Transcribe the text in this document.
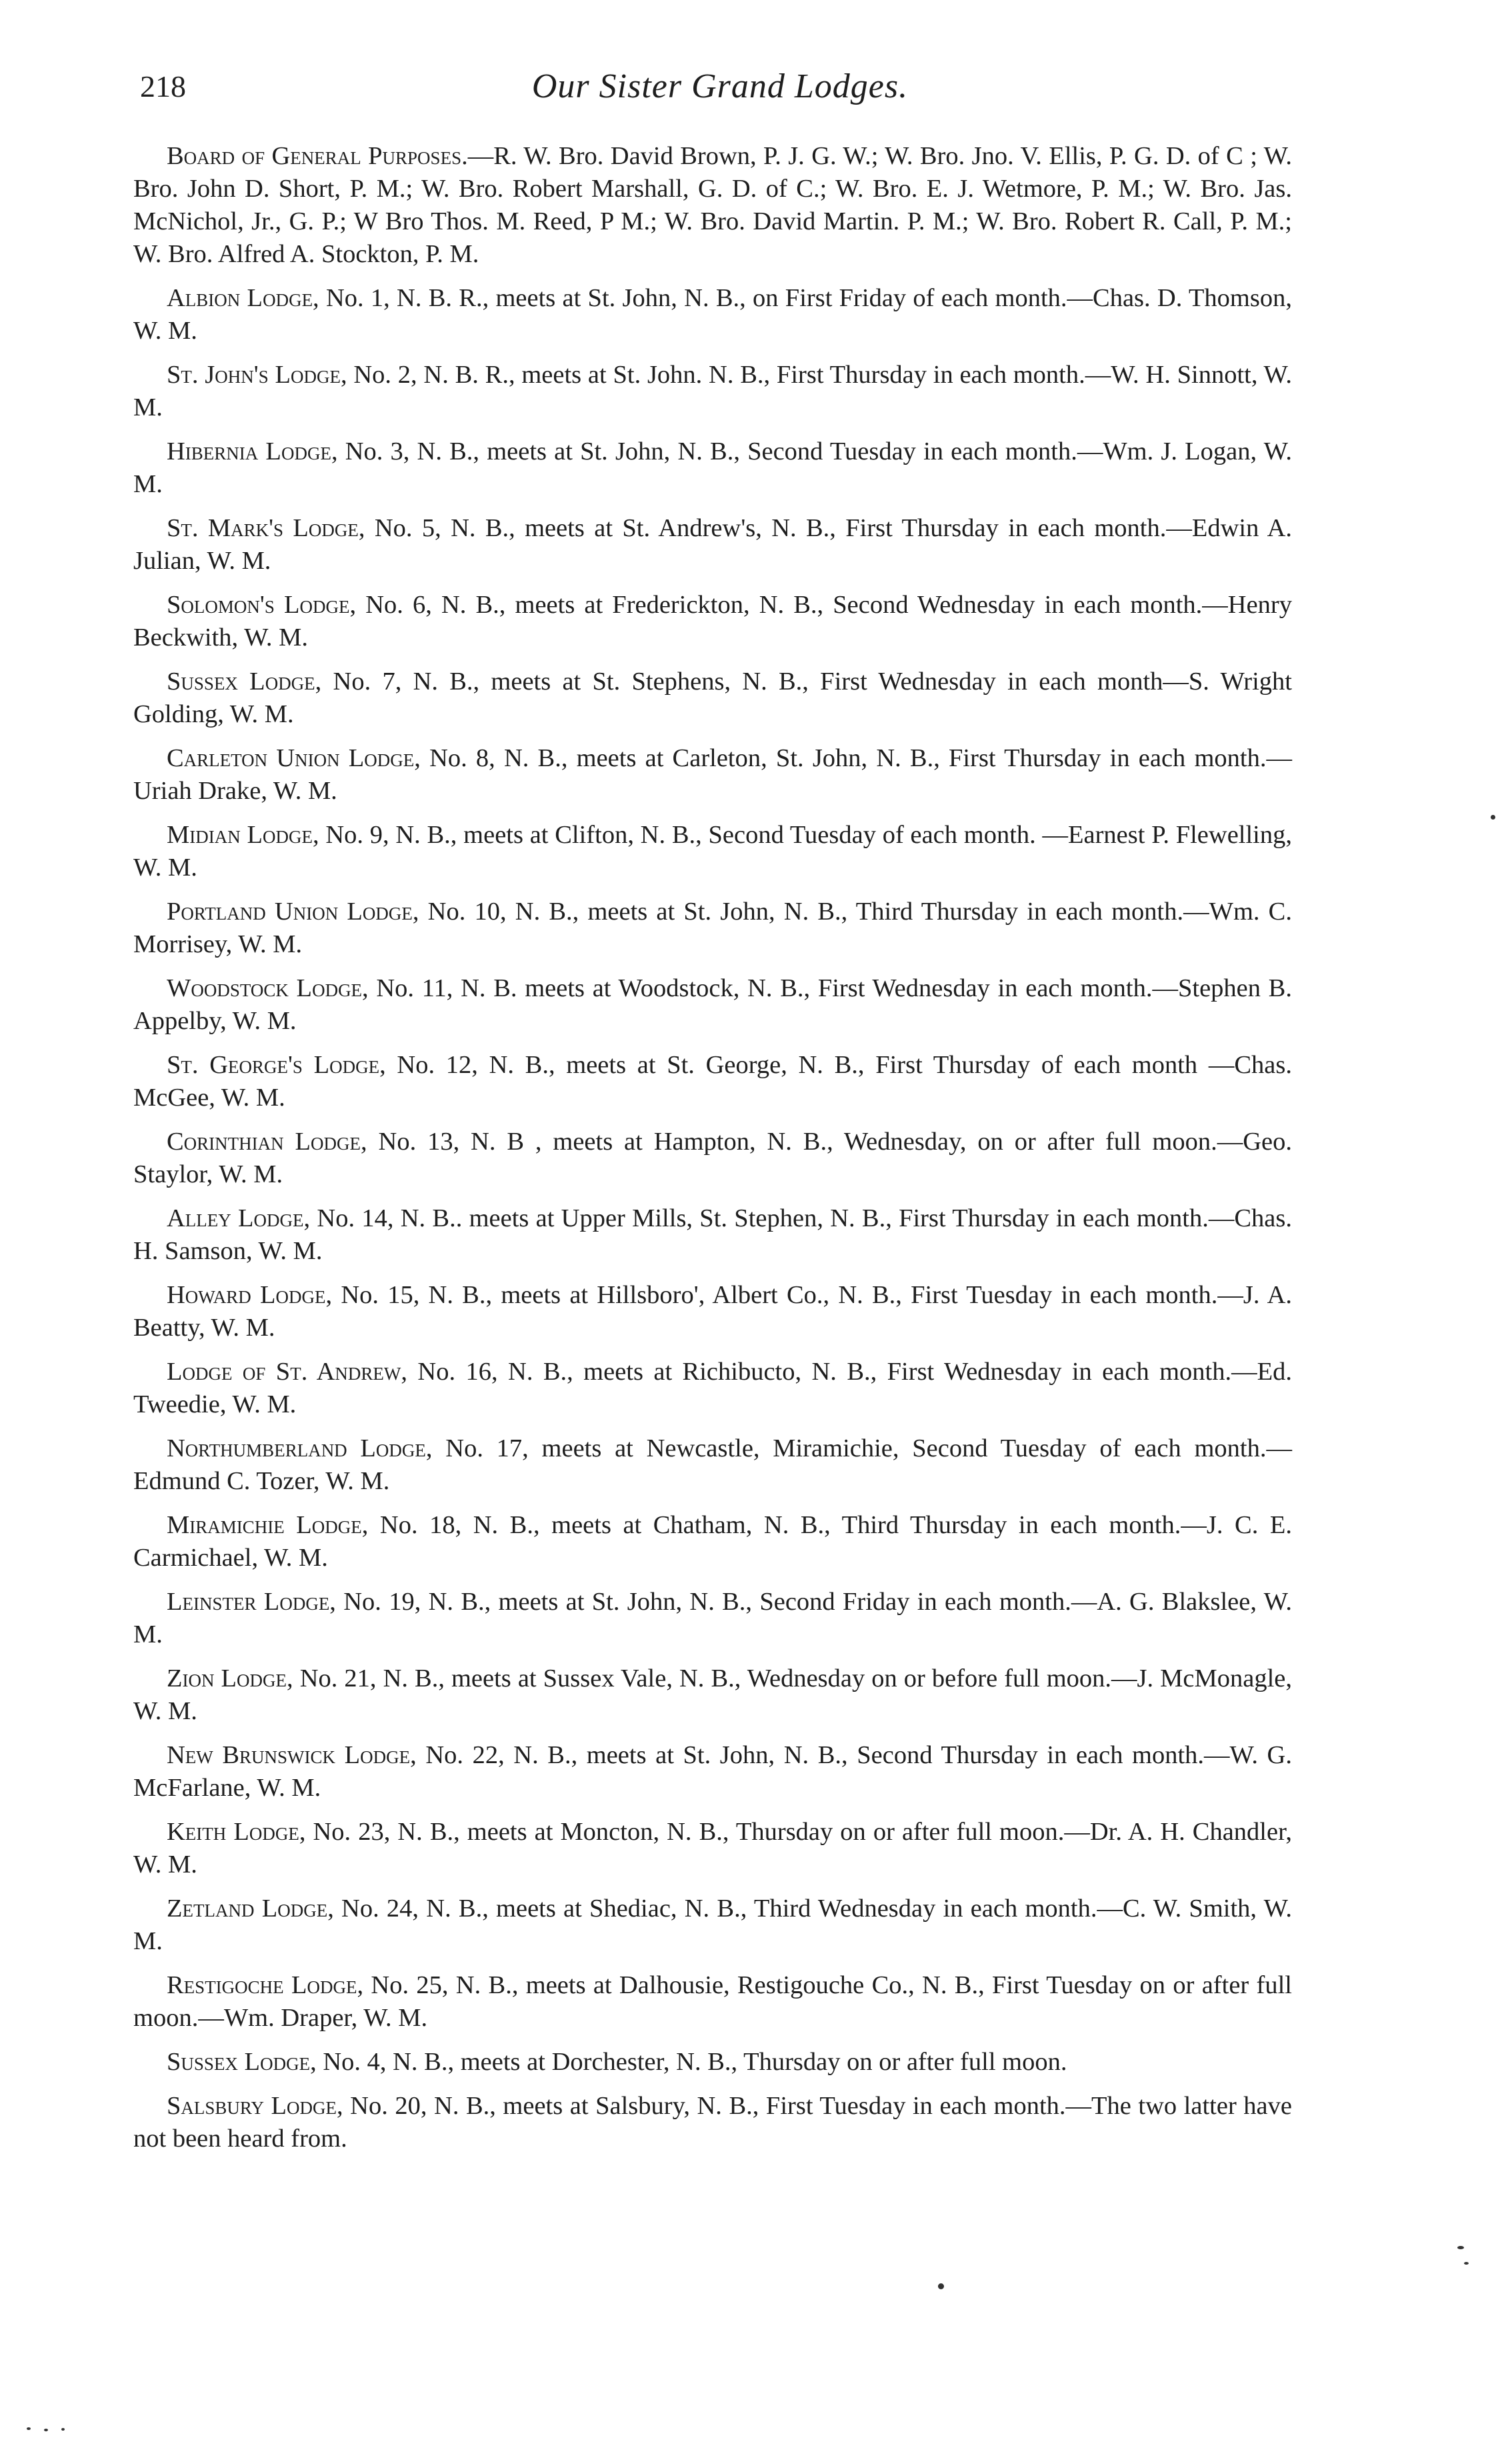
218	Our Sister Grand Lodges.

Board of General Purposes.—R. W. Bro. David Brown, P. J. G. W.; W. Bro. Jno. V. Ellis, P. G. D. of C ; W. Bro. John D. Short, P. M.; W. Bro. Robert Marshall, G. D. of C.; W. Bro. E. J. Wetmore, P. M.; W. Bro. Jas. McNichol, Jr., G. P.; W Bro Thos. M. Reed, P M.; W. Bro. David Martin. P. M.; W. Bro. Robert R. Call, P. M.; W. Bro. Alfred A. Stockton, P. M.

Albion Lodge, No. 1, N. B. R., meets at St. John, N. B., on First Friday of each month.—Chas. D. Thomson, W. M.

St. John's Lodge, No. 2, N. B. R., meets at St. John. N. B., First Thursday in each month.—W. H. Sinnott, W. M.

Hibernia Lodge, No. 3, N. B., meets at St. John, N. B., Second Tuesday in each month.—Wm. J. Logan, W. M.

St. Mark's Lodge, No. 5, N. B., meets at St. Andrew's, N. B., First Thursday in each month.—Edwin A. Julian, W. M.

Solomon's Lodge, No. 6, N. B., meets at Frederickton, N. B., Second Wednesday in each month.—Henry Beckwith, W. M.

Sussex Lodge, No. 7, N. B., meets at St. Stephens, N. B., First Wednesday in each month—S. Wright Golding, W. M.

Carleton Union Lodge, No. 8, N. B., meets at Carleton, St. John, N. B., First Thursday in each month.—Uriah Drake, W. M.

Midian Lodge, No. 9, N. B., meets at Clifton, N. B., Second Tuesday of each month. —Earnest P. Flewelling, W. M.

Portland Union Lodge, No. 10, N. B., meets at St. John, N. B., Third Thursday in each month.—Wm. C. Morrisey, W. M.

Woodstock Lodge, No. 11, N. B. meets at Woodstock, N. B., First Wednesday in each month.—Stephen B. Appelby, W. M.

St. George's Lodge, No. 12, N. B., meets at St. George, N. B., First Thursday of each month —Chas. McGee, W. M.

Corinthian Lodge, No. 13, N. B , meets at Hampton, N. B., Wednesday, on or after full moon.—Geo. Staylor, W. M.

Alley Lodge, No. 14, N. B.. meets at Upper Mills, St. Stephen, N. B., First Thursday in each month.—Chas. H. Samson, W. M.

Howard Lodge, No. 15, N. B., meets at Hillsboro', Albert Co., N. B., First Tuesday in each month.—J. A. Beatty, W. M.

Lodge of St. Andrew, No. 16, N. B., meets at Richibucto, N. B., First Wednesday in each month.—Ed. Tweedie, W. M.

Northumberland Lodge, No. 17, meets at Newcastle, Miramichie, Second Tuesday of each month.—Edmund C. Tozer, W. M.

Miramichie Lodge, No. 18, N. B., meets at Chatham, N. B., Third Thursday in each month.—J. C. E. Carmichael, W. M.

Leinster Lodge, No. 19, N. B., meets at St. John, N. B., Second Friday in each month.—A. G. Blakslee, W. M.

Zion Lodge, No. 21, N. B., meets at Sussex Vale, N. B., Wednesday on or before full moon.—J. McMonagle, W. M.

New Brunswick Lodge, No. 22, N. B., meets at St. John, N. B., Second Thursday in each month.—W. G. McFarlane, W. M.

Keith Lodge, No. 23, N. B., meets at Moncton, N. B., Thursday on or after full moon.—Dr. A. H. Chandler, W. M.

Zetland Lodge, No. 24, N. B., meets at Shediac, N. B., Third Wednesday in each month.—C. W. Smith, W. M.

Restigoche Lodge, No. 25, N. B., meets at Dalhousie, Restigouche Co., N. B., First Tuesday on or after full moon.—Wm. Draper, W. M.

Sussex Lodge, No. 4, N. B., meets at Dorchester, N. B., Thursday on or after full moon.

Salsbury Lodge, No. 20, N. B., meets at Salsbury, N. B., First Tuesday in each month.—The two latter have not been heard from.
